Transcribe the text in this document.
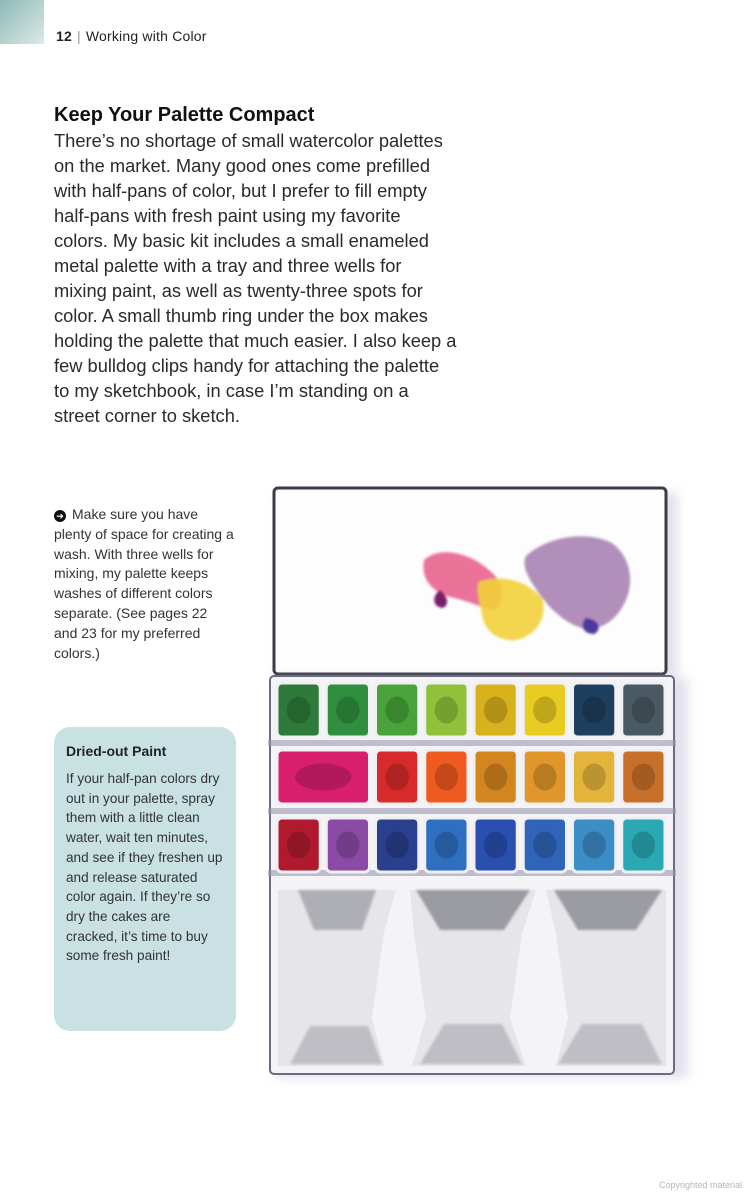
12 | Working with Color
Keep Your Palette Compact

There’s no shortage of small watercolor palettes on the market. Many good ones come prefilled with half-pans of color, but I prefer to fill empty half-pans with fresh paint using my favorite colors. My basic kit includes a small enameled metal palette with a tray and three wells for mixing paint, as well as twenty-three spots for color. A small thumb ring under the box makes holding the palette that much easier. I also keep a few bulldog clips handy for attaching the palette to my sketchbook, in case I’m standing on a street corner to sketch.

➔ Make sure you have plenty of space for creating a wash. With three wells for mixing, my palette keeps washes of different colors separate. (See pages 22 and 23 for my preferred colors.)

Dried-out Paint

If your half-pan colors dry out in your palette, spray them with a little clean water, wait ten minutes, and see if they freshen up and release saturated color again. If they’re so dry the cakes are cracked, it’s time to buy some fresh paint!

Copyrighted material
